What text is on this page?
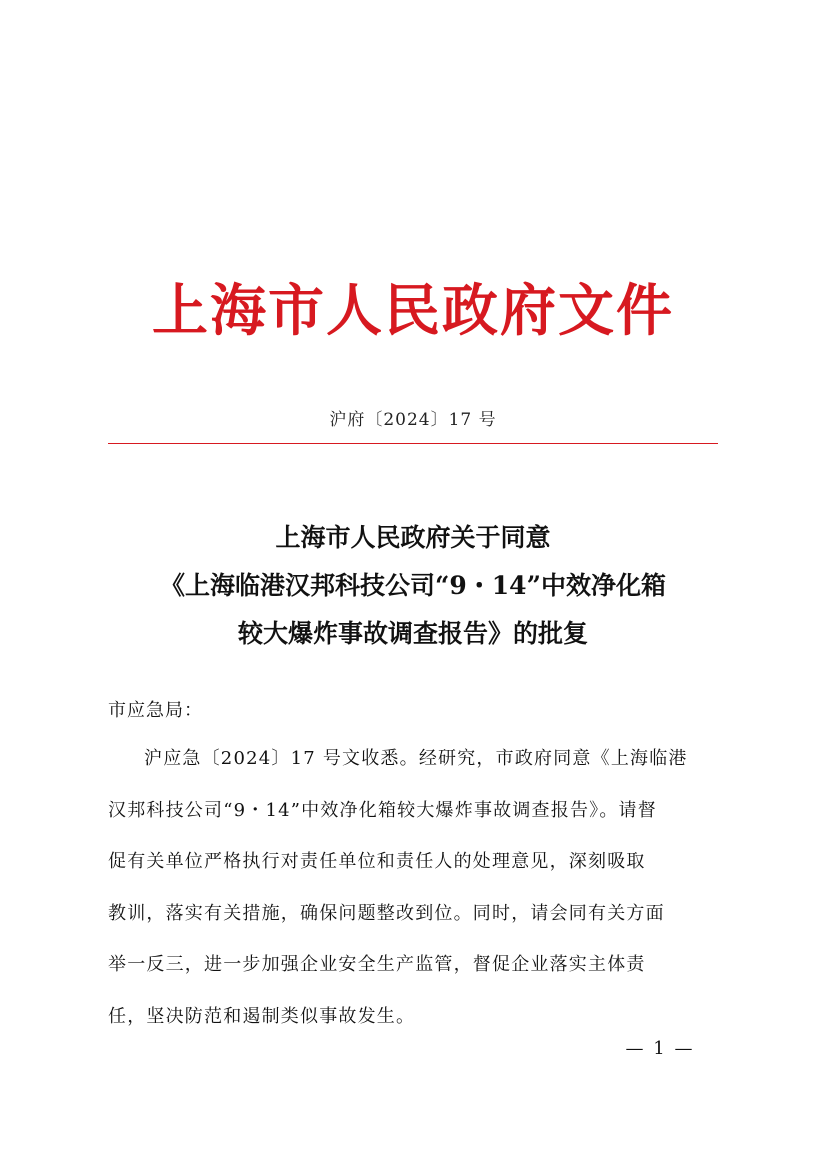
上海市人民政府文件
沪府〔2024〕17 号
上海市人民政府关于同意
《上海临港汉邦科技公司“9・14”中效净化箱
较大爆炸事故调查报告》的批复
市应急局：
沪应急〔2024〕17 号文收悉。经研究，市政府同意《上海临港
汉邦科技公司“9・14”中效净化箱较大爆炸事故调查报告》。请督
促有关单位严格执行对责任单位和责任人的处理意见，深刻吸取
教训，落实有关措施，确保问题整改到位。同时，请会同有关方面
举一反三，进一步加强企业安全生产监管，督促企业落实主体责
任，坚决防范和遏制类似事故发生。
— 1 —
